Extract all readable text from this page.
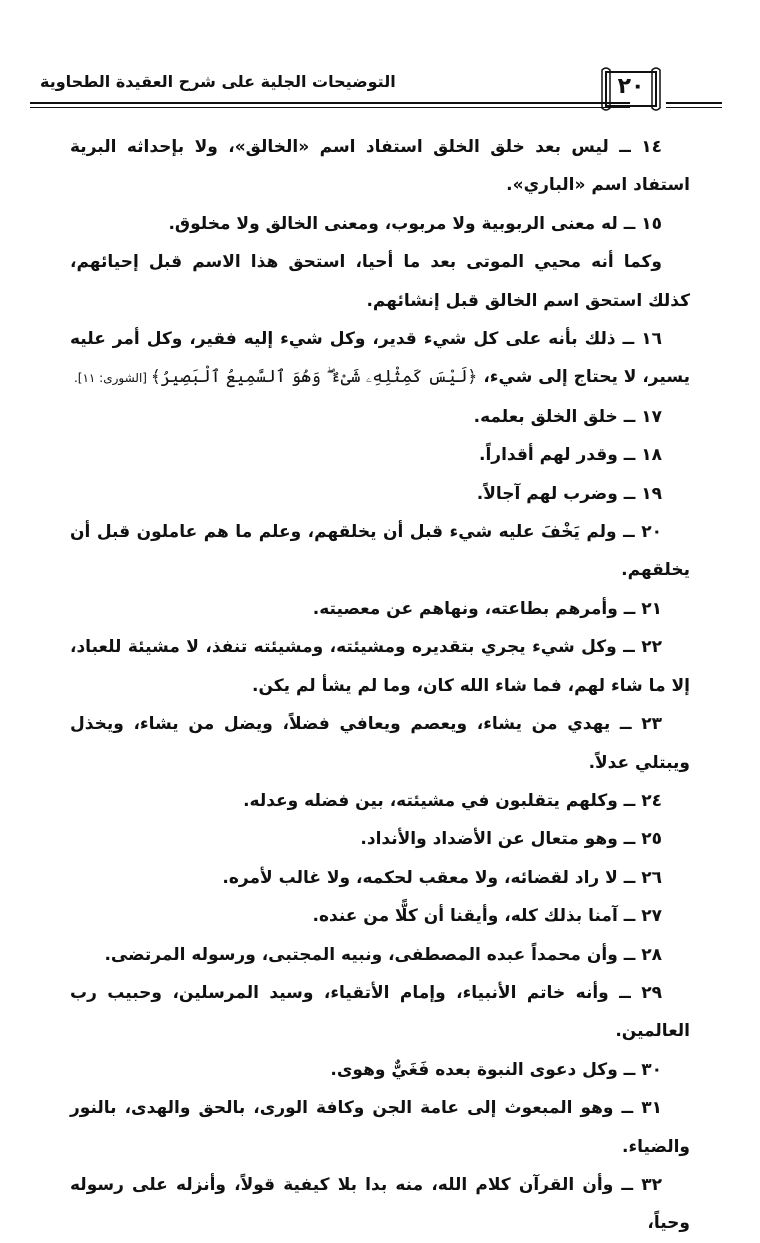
التوضيحات الجلية على شرح العقيدة الطحاوية	٢٠

١٤ ــ ليس بعد خلق الخلق استفاد اسم «الخالق»، ولا بإحداثه البرية استفاد اسم «الباري».

١٥ ــ له معنى الربوبية ولا مربوب، ومعنى الخالق ولا مخلوق.

وكما أنه محيي الموتى بعد ما أحيا، استحق هذا الاسم قبل إحيائهم، كذلك استحق اسم الخالق قبل إنشائهم.

١٦ ــ ذلك بأنه على كل شيء قدير، وكل شيء إليه فقير، وكل أمر عليه يسير، لا يحتاج إلى شيء، ﴿لَيْسَ كَمِثْلِهِۦ شَىْءٌ ۖ وَهُوَ ٱلسَّمِيعُ ٱلْبَصِيرُ﴾ [الشورى: ١١].

١٧ ــ خلق الخلق بعلمه.

١٨ ــ وقدر لهم أقداراً.

١٩ ــ وضرب لهم آجالاً.

٢٠ ــ ولم يَخْفَ عليه شيء قبل أن يخلقهم، وعلم ما هم عاملون قبل أن يخلقهم.

٢١ ــ وأمرهم بطاعته، ونهاهم عن معصيته.

٢٢ ــ وكل شيء يجري بتقديره ومشيئته، ومشيئته تنفذ، لا مشيئة للعباد، إلا ما شاء لهم، فما شاء الله كان، وما لم يشأ لم يكن.

٢٣ ــ يهدي من يشاء، ويعصم ويعافي فضلاً، ويضل من يشاء، ويخذل ويبتلي عدلاً.

٢٤ ــ وكلهم يتقلبون في مشيئته، بين فضله وعدله.

٢٥ ــ وهو متعال عن الأضداد والأنداد.

٢٦ ــ لا راد لقضائه، ولا معقب لحكمه، ولا غالب لأمره.

٢٧ ــ آمنا بذلك كله، وأيقنا أن كلًّا من عنده.

٢٨ ــ وأن محمداً عبده المصطفى، ونبيه المجتبى، ورسوله المرتضى.

٢٩ ــ وأنه خاتم الأنبياء، وإمام الأتقياء، وسيد المرسلين، وحبيب رب العالمين.

٣٠ ــ وكل دعوى النبوة بعده فَغَيٌّ وهوى.

٣١ ــ وهو المبعوث إلى عامة الجن وكافة الورى، بالحق والهدى، بالنور والضياء.

٣٢ ــ وأن القرآن كلام الله، منه بدا بلا كيفية قولاً، وأنزله على رسوله وحياً،
